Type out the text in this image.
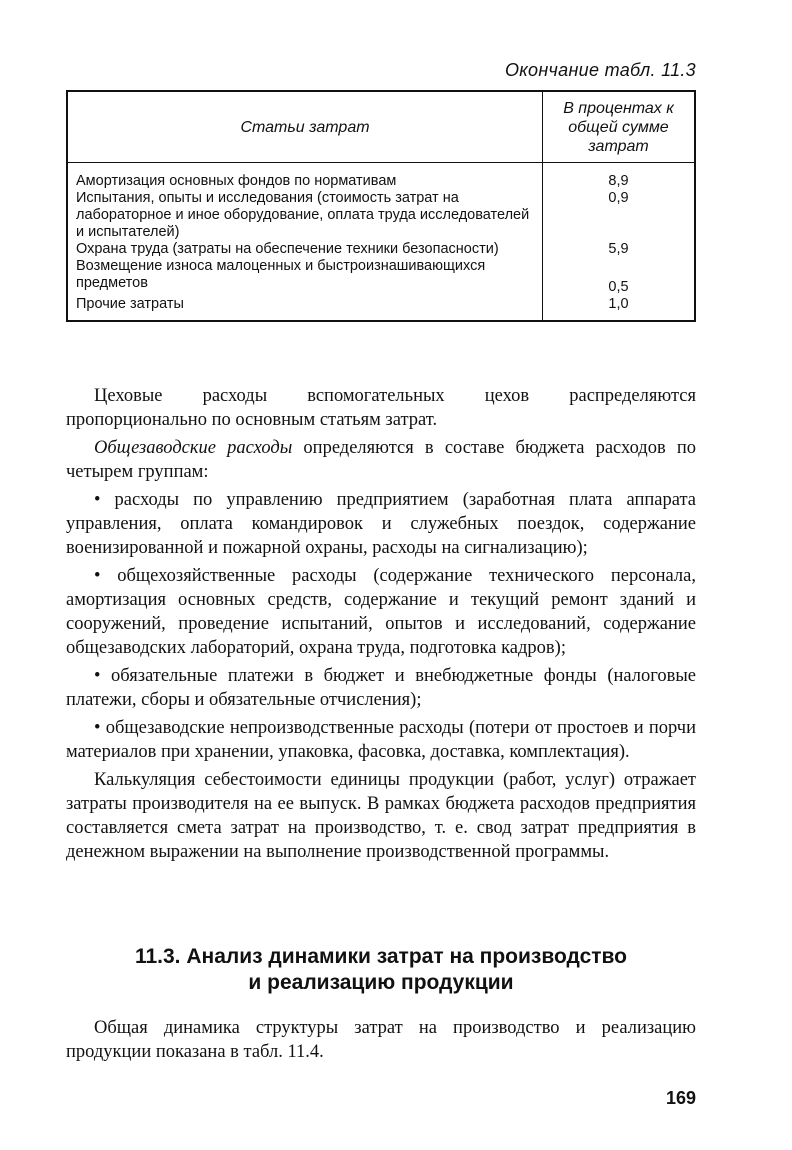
Окончание табл. 11.3
Статьи затрат	В процентах к общей сумме затрат
Амортизация основных фондов по нормативам	8,9
Испытания, опыты и исследования (стоимость затрат на лабораторное и иное оборудование, оплата труда исследователей и испытателей)	0,9
Охрана труда (затраты на обеспечение техники безопасности)	5,9
Возмещение износа малоценных и быстроизнашивающихся предметов	0,5
Прочие затраты	1,0

Цеховые расходы вспомогательных цехов распределяются пропорционально по основным статьям затрат.

Общезаводские расходы определяются в составе бюджета расходов по четырем группам:

• расходы по управлению предприятием (заработная плата аппарата управления, оплата командировок и служебных поездок, содержание военизированной и пожарной охраны, расходы на сигнализацию);

• общехозяйственные расходы (содержание технического персонала, амортизация основных средств, содержание и текущий ремонт зданий и сооружений, проведение испытаний, опытов и исследований, содержание общезаводских лабораторий, охрана труда, подготовка кадров);

• обязательные платежи в бюджет и внебюджетные фонды (налоговые платежи, сборы и обязательные отчисления);

• общезаводские непроизводственные расходы (потери от простоев и порчи материалов при хранении, упаковка, фасовка, доставка, комплектация).

Калькуляция себестоимости единицы продукции (работ, услуг) отражает затраты производителя на ее выпуск. В рамках бюджета расходов предприятия составляется смета затрат на производство, т. е. свод затрат предприятия в денежном выражении на выполнение производственной программы.

11.3. Анализ динамики затрат на производство
и реализацию продукции

Общая динамика структуры затрат на производство и реализацию продукции показана в табл. 11.4.

169
